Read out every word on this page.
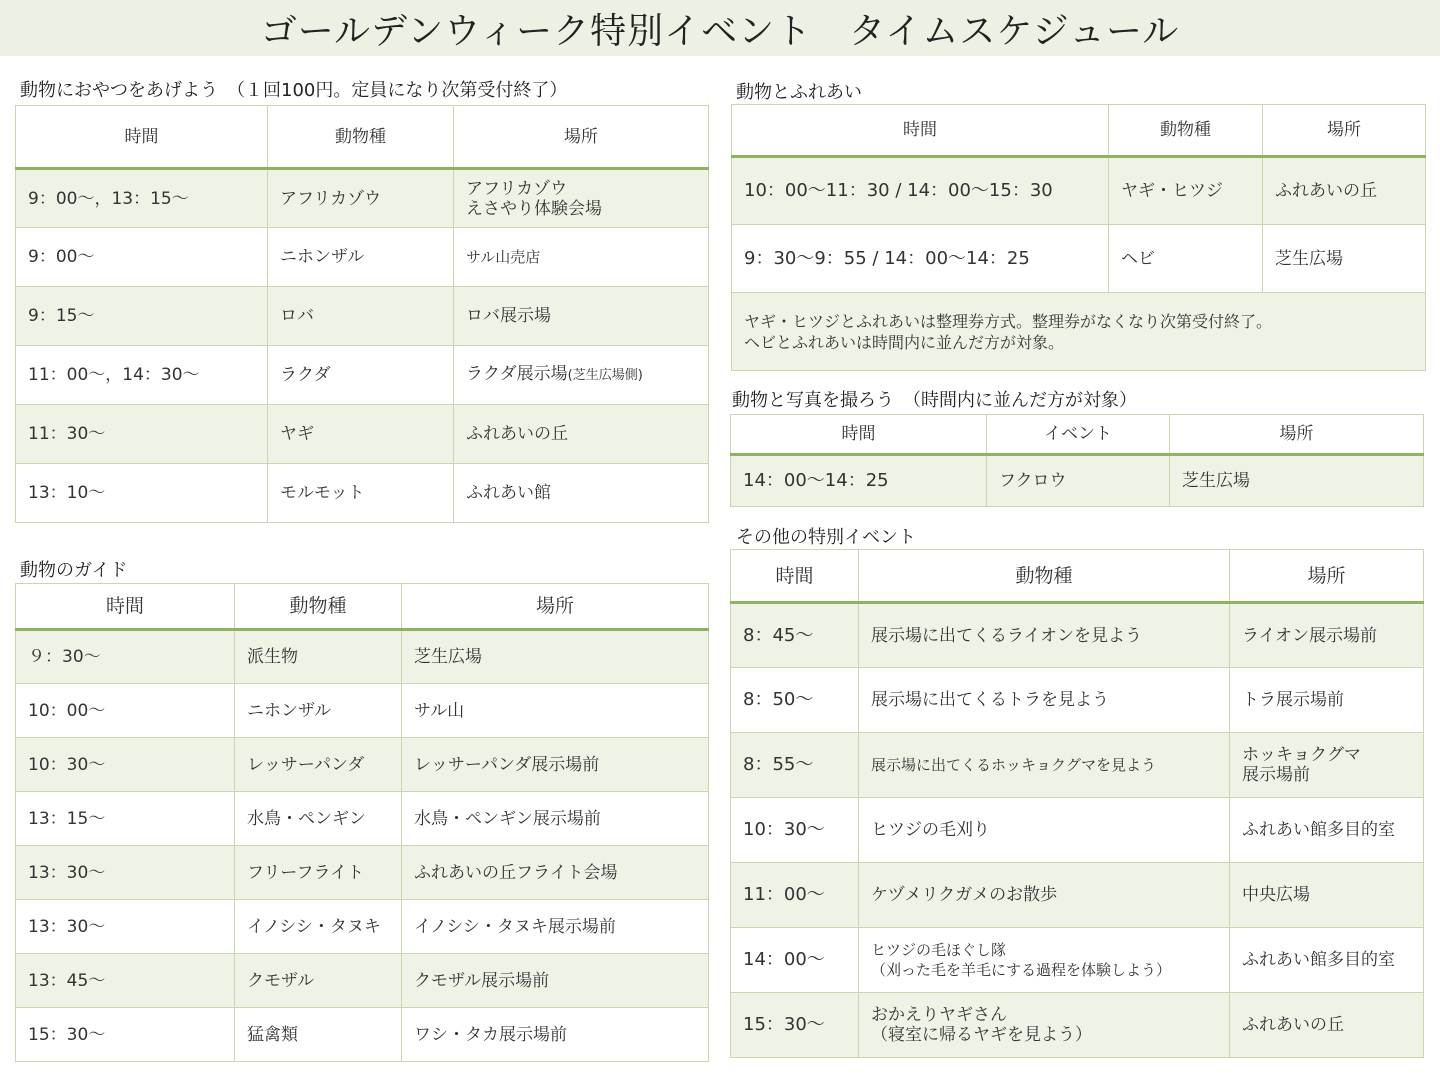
ゴールデンウィーク特別イベント　タイムスケジュール
動物におやつをあげよう　（１回100円。定員になり次第受付終了）
時間	動物種	場所
9：00～，13：15～	アフリカゾウ	アフリカゾウ
えさやり体験会場
9：00～	ニホンザル	サル山売店
9：15～	ロバ	ロバ展示場
11：00～，14：30～	ラクダ	ラクダ展示場(芝生広場側)
11：30～	ヤギ	ふれあいの丘
13：10～	モルモット	ふれあい館
動物のガイド
時間	動物種	場所
９：30～	派生物	芝生広場
10：00～	ニホンザル	サル山
10：30～	レッサーパンダ	レッサーパンダ展示場前
13：15～	水鳥・ペンギン	水鳥・ペンギン展示場前
13：30～	フリーフライト	ふれあいの丘フライト会場
13：30～	イノシシ・タヌキ	イノシシ・タヌキ展示場前
13：45～	クモザル	クモザル展示場前
15：30～	猛禽類	ワシ・タカ展示場前
動物とふれあい
時間	動物種	場所
10：00～11：30 / 14：00～15：30	ヤギ・ヒツジ	ふれあいの丘
9：30～9：55 / 14：00～14：25	ヘビ	芝生広場
ヤギ・ヒツジとふれあいは整理券方式。整理券がなくなり次第受付終了。
ヘビとふれあいは時間内に並んだ方が対象。		
動物と写真を撮ろう　（時間内に並んだ方が対象）
時間	イベント	場所
14：00～14：25	フクロウ	芝生広場
その他の特別イベント
時間	動物種	場所
8：45～	展示場に出てくるライオンを見よう	ライオン展示場前
8：50～	展示場に出てくるトラを見よう	トラ展示場前
8：55～	展示場に出てくるホッキョクグマを見よう	ホッキョクグマ
展示場前
10：30～	ヒツジの毛刈り	ふれあい館多目的室
11：00～	ケヅメリクガメのお散歩	中央広場
14：00～	ヒツジの毛ほぐし隊
（刈った毛を羊毛にする過程を体験しよう）	ふれあい館多目的室
15：30～	おかえりヤギさん
（寝室に帰るヤギを見よう）	ふれあいの丘
